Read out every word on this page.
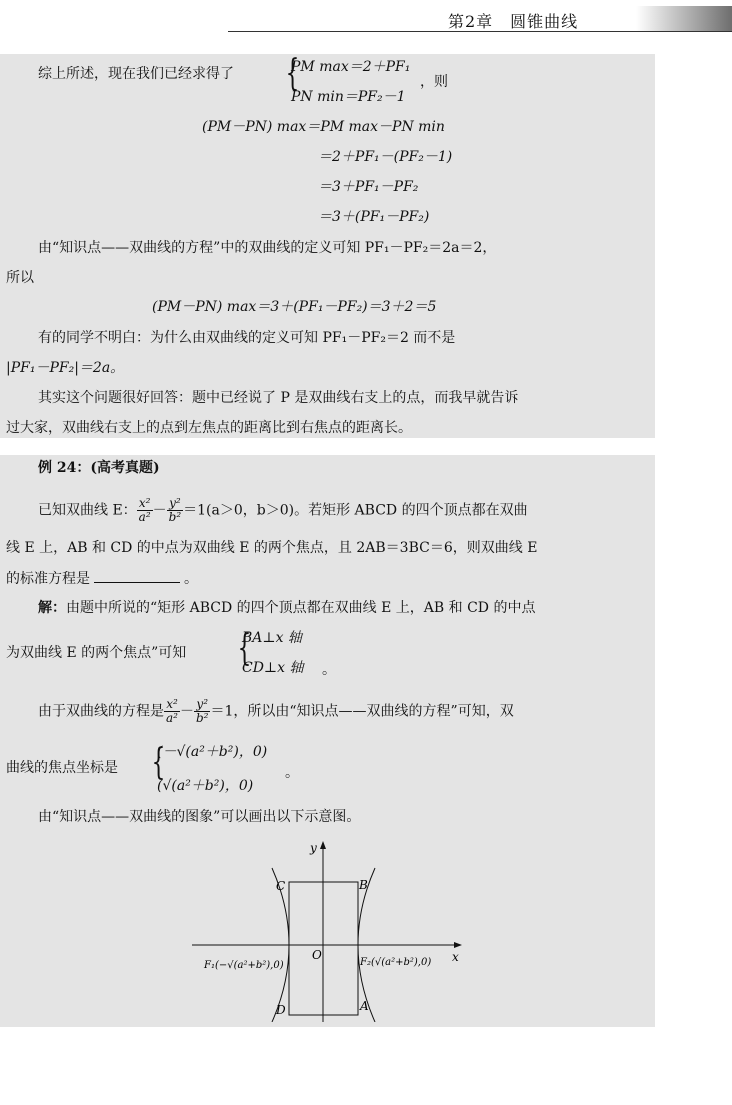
第2章　圆锥曲线
综上所述，现在我们已经求得了 {
PM max＝2＋PF₁
PN min＝PF₂－1
，则
(PM－PN) max＝PM max－PN min
＝2＋PF₁－(PF₂－1)
＝3＋PF₁－PF₂
＝3＋(PF₁－PF₂)
由“知识点——双曲线的方程”中的双曲线的定义可知 PF₁－PF₂＝2a＝2，
所以
(PM－PN) max＝3＋(PF₁－PF₂)＝3＋2＝5
有的同学不明白：为什么由双曲线的定义可知 PF₁－PF₂＝2 而不是
|PF₁－PF₂|＝2a。
其实这个问题很好回答：题中已经说了 P 是双曲线右支上的点，而我早就告诉
过大家，双曲线右支上的点到左焦点的距离比到右焦点的距离长。
例 24：(高考真题)
已知双曲线 E： $\frac{\text{x²}}{\text{a²}} - \frac{\text{y²}}{\text{b²}} =1(a>0$，b＞0)。若矩形 ABCD 的四个顶点都在双曲
线 E 上，AB 和 CD 的中点为双曲线 E 的两个焦点，且 2AB＝3BC＝6，则双曲线 E
的标准方程是	。
解：由题中所说的“矩形 ABCD 的四个顶点都在双曲线 E 上，AB 和 CD 的中点
为双曲线 E 的两个焦点”可知 {
BA⊥x 轴
CD⊥x 轴 。
由于双曲线的方程是 $\frac{\text{x²}}{\text{a²}} - \frac{\text{y²}}{\text{b²}} =1$，所以由“知识点——双曲线的方程”可知，双
曲线的焦点坐标是 {
(－√(a²＋b²)，0)
(√(a²＋b²)，0)
。
由“知识点——双曲线的图象”可以画出以下示意图。
y
x
O
C	B
D	A
F₁(−√(a²+b²),0)	F₂(√(a²+b²),0)
